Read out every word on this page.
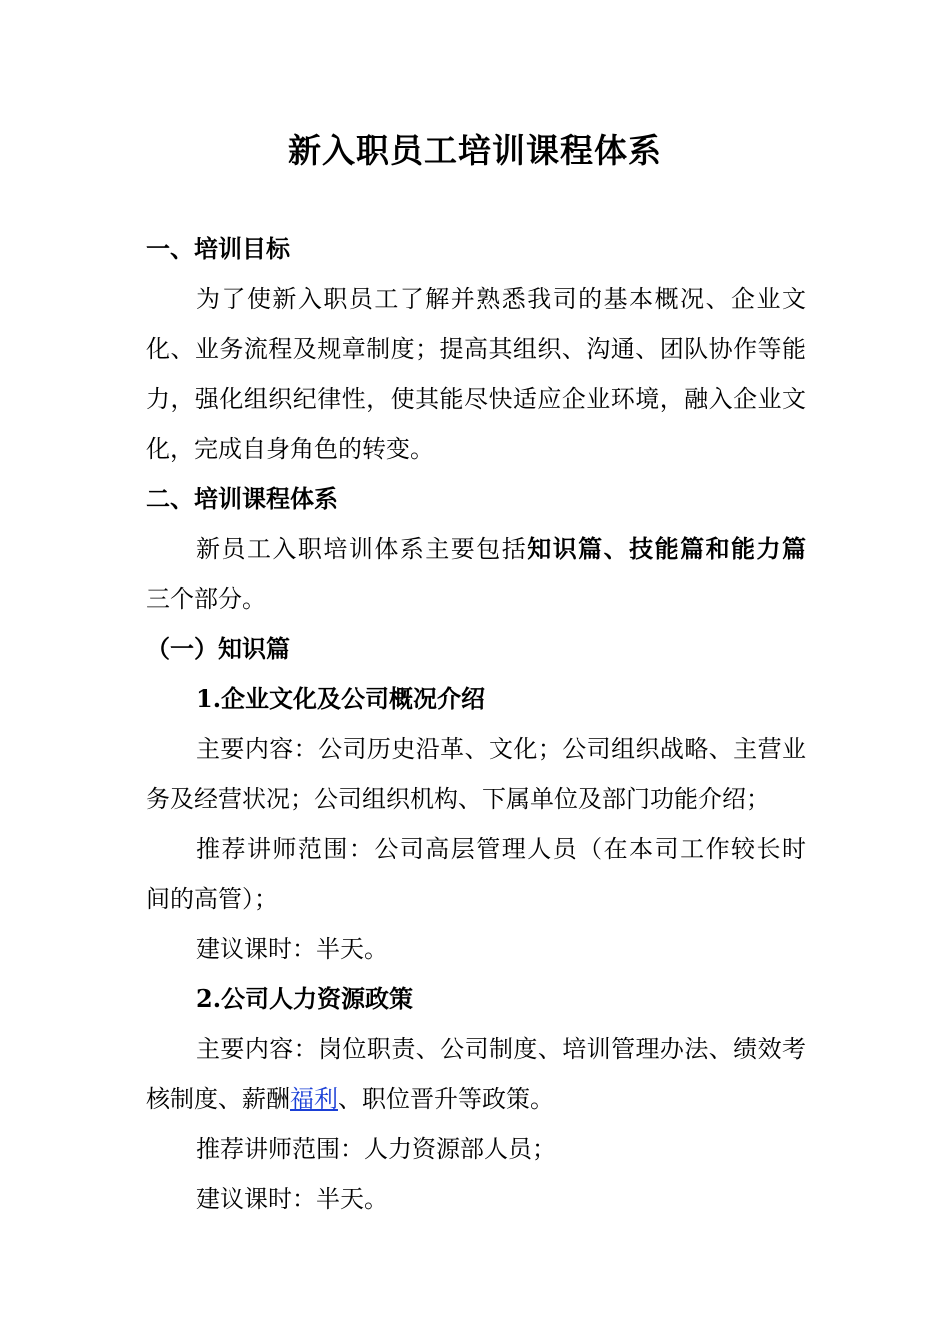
新入职员工培训课程体系
一、培训目标
为了使新入职员工了解并熟悉我司的基本概况、企业文
化、业务流程及规章制度；提高其组织、沟通、团队协作等能
力，强化组织纪律性，使其能尽快适应企业环境，融入企业文
化，完成自身角色的转变。
二、培训课程体系
新员工入职培训体系主要包括知识篇、技能篇和能力篇
三个部分。
（一）知识篇
1.企业文化及公司概况介绍
主要内容：公司历史沿革、文化；公司组织战略、主营业
务及经营状况；公司组织机构、下属单位及部门功能介绍；
推荐讲师范围：公司高层管理人员（在本司工作较长时
间的高管）；
建议课时：半天。
2.公司人力资源政策
主要内容：岗位职责、公司制度、培训管理办法、绩效考
核制度、薪酬福利、职位晋升等政策。
推荐讲师范围：人力资源部人员；
建议课时：半天。
